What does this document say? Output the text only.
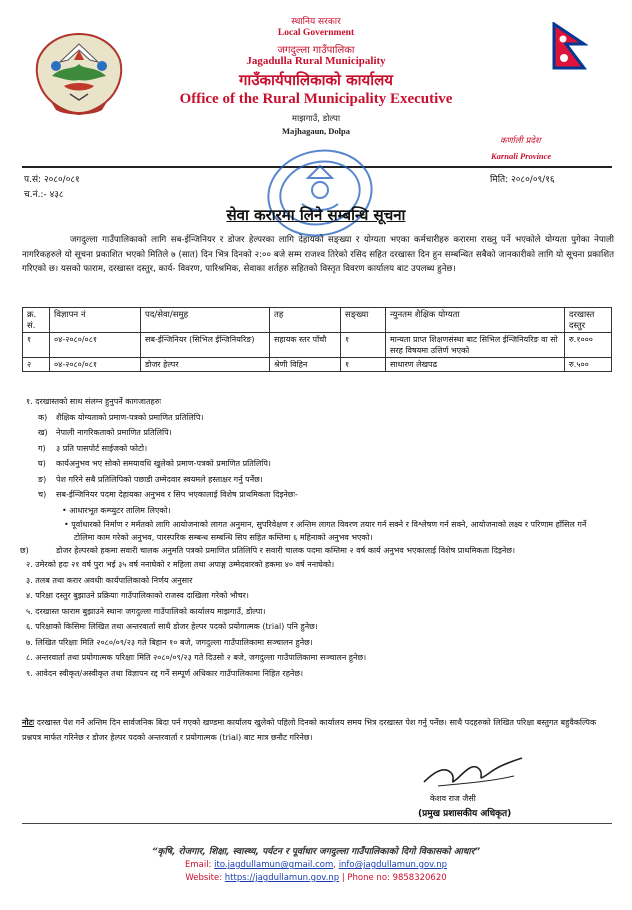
स्थानिय सरकार
Local Government
जगदुल्ला गाउँपालिका
Jagadulla Rural Municipality
गाउँकार्यपालिकाको कार्यालय
Office of the Rural Municipality Executive
माझगाउँ, डोल्पा
Majhagaun, Dolpa
कर्णाली प्रदेश
Karnali Province
प.सं: २०८०/०८१
च.नं.:- ४३८
मिति: २०८०/०९/१६
सेवा करारमा लिने सम्बन्धि सूचना
जगदुल्ला गाउँपालिकाको लागि सब-ईन्जिनियर र डोजर हेल्परका लागि देहायको सङ्ख्या र योग्यता भएका कर्मचारीहरु करारमा राख्नु पर्ने भएकोले योग्यता पुगेका नेपाली नागरिकहरुले यो सूचना प्रकाशित भएको मितिले ७ (सात) दिन भित्र दिनको २:०० बजे सम्म राजश्व तिरेको रसिद सहित दरखास्त दिन हुन सम्बन्धित सबैको जानकारीको लागि यो सूचना प्रकाशित गरिएको छ। यसको फाराम, दरखास्त दस्तुर, कार्य- विवरण, पारिश्रमिक, सेवाका शर्तहरु सहितको विस्तृत विवरण कार्यालय बाट उपलब्ध हुनेछ।
क्र. सं.	विज्ञापन नं	पद/सेवा/समुह	तह	सङ्ख्या	न्युनतम शैक्षिक योग्यता	दरखास्त दस्तुर
१	०४-२०८०/०८१	सब-ईन्जिनियर (सिभिल ईन्जिनियरिङ)	सहायक स्तर पाँचौ	१	मान्यता प्राप्त शिक्षणसंस्था बाट सिभिल ईन्जिनियरिङ वा सो सरह विषयमा उत्तिर्ण भएको	रु.१०००
२	०४-२०८०/०८१	डोजर हेल्पर	श्रेणी विहिन	१	साधारण लेखपढ	रु.५००
१. दरखास्तको साथ संलग्न हुनुपर्ने कागजातहरुः
क) शैक्षिक योग्यताको प्रमाण-पत्रको प्रमाणित प्रतिलिपि।
ख) नेपाली नागरिकताको प्रमाणित प्रतिलिपि।
ग) ३ प्रति पासपोर्ट साईजको फोटो।
घ) कार्यअनुभव भए सोको समयावधि खुलेको प्रमाण-पत्रको प्रमाणित प्रतिलिपि।
ङ) पेश गरिने सबै प्रतिलिपिको पछाडी उम्मेदवार स्वयमले हस्ताक्षर गर्नु पर्नेछ।
च) सब-ईन्जिनियर पदमा देहायका अनुभव र सिप भएकालाई विशेष प्राथमिकता दिइनेछः-
• आधारभूत कम्प्युटर तालिम लिएको।
• पूर्वाधारको निर्माण र मर्मतको लागि आयोजनाको लागत अनुमान, सुपरिवेक्षण र अन्तिम लागत विवरण तयार गर्न सक्ने र विश्लेषण गर्न सक्ने, आयोजनाको लक्ष्य र परिणाम हाँसिल गर्ने टोलिमा काम गरेको अनुभव, पारस्परिक सम्बन्ध सम्बन्धि सिप सहित कम्तिमा ६ महिनाको अनुभव भएको।
छ)	डोजर हेल्परको हकमा सवारी चालक अनुमति पत्रको प्रमाणित प्रतिलिपि र सवारी चालक पदमा कम्तिमा २ वर्ष कार्य अनुभव भएकालाई विशेष प्राथमिकता दिइनेछ।
२. उमेरको हदः २१ वर्ष पुरा भई ३५ वर्ष ननाघेको र महिला तथा अपाङ्ग उम्मेदवारको हकमा ४० वर्ष ननाघेको।
३. तलब तथा करार अवधीः कार्यपालिकाको निर्णय अनुसार
४. परिक्षा दस्तुर बुझाउने प्रक्रियाः गाउँपालिकाको राजस्व दाखिला गरेको भौचर।
५. दरखास्त फाराम बुझाउने स्थानः जगदुल्ला गाउँपालिको कार्यालय माझगाउँ, डोल्पा।
६. परिक्षाको किसिमः लिखित तथा अन्तरवार्ता साथै डोजर हेल्पर पदको प्रयोगात्मक (trial) पनि हुनेछ।
७. लिखित परिक्षाः मिति २०८०/०९/२३ गते बिहान १० बजे, जगदुल्ला गाउँपालिकामा सञ्चालन हुनेछ।
८. अन्तरवार्ता तथा प्रयोगात्मक परिक्षाः मिति २०८०/०९/२३ गते दिउसो २ बजे, जगदुल्ला गाउँपालिकामा सञ्चालन हुनेछ।
९. आवेदन स्वीकृत/अस्वीकृत तथा विज्ञापन रद्द गर्ने सम्पूर्ण अधिकार गाउँपालिकामा निहित रहनेछ।
नोटः दरखास्त पेश गर्ने अन्तिम दिन सार्वजनिक बिदा पर्न गएको खण्डमा कार्यालय खुलेको पहिलो दिनको कार्यालय समय भित्र दरखास्त पेश गर्नु पर्नेछ। साथै पदहरुको लिखित परिक्षा बस्तुगत बहुवैकल्पिक प्रश्नपत्र मार्फत गरिनेछ र डोजर हेल्पर पदको अन्तरवार्ता र प्रयोगात्मक (trial) बाट मात्र छनौट गरिनेछ।
केशव राज जैसी
(प्रमुख प्रशासकीय अधिकृत)
“कृषि, रोजगार, शिक्षा, स्वास्थ्य, पर्यटन र पूर्वाधार जगदुल्ला गाउँपालिकाको दिगो विकासको आधार”
Email: ito.jagdullamun@gmail.com, info@jagdullamun.gov.np
Website: https://jagdullamun.gov.np | Phone no: 9858320620
